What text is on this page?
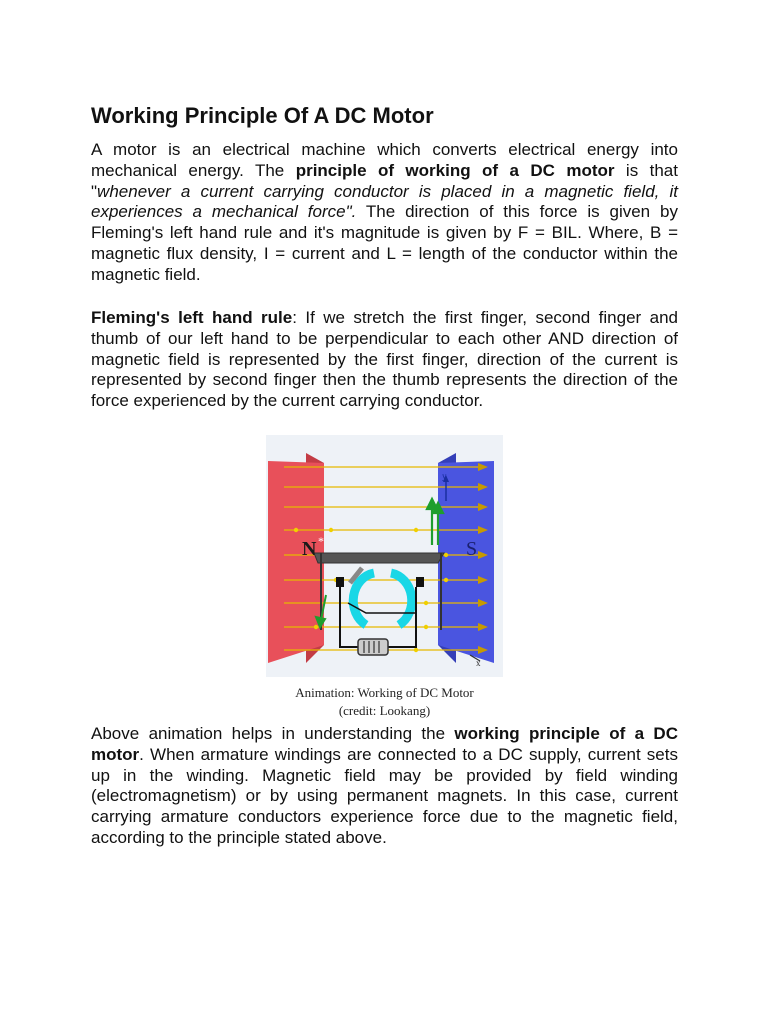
Working Principle Of A DC Motor
A motor is an electrical machine which converts electrical energy into mechanical energy. The principle of working of a DC motor is that "whenever a current carrying conductor is placed in a magnetic field, it experiences a mechanical force". The direction of this force is given by Fleming's left hand rule and it's magnitude is given by F = BIL. Where, B = magnetic flux density, I = current and L = length of the conductor within the magnetic field.
Fleming's left hand rule: If we stretch the first finger, second finger and thumb of our left hand to be perpendicular to each other AND direction of magnetic field is represented by the first finger, direction of the current is represented by second finger then the thumb represents the direction of the force experienced by the current carrying conductor.
y
x
N *	S
Animation: Working of DC Motor
(credit: Lookang)
Above animation helps in understanding the working principle of a DC motor. When armature windings are connected to a DC supply, current sets up in the winding. Magnetic field may be provided by field winding (electromagnetism) or by using permanent magnets. In this case, current carrying armature conductors experience force due to the magnetic field, according to the principle stated above.
